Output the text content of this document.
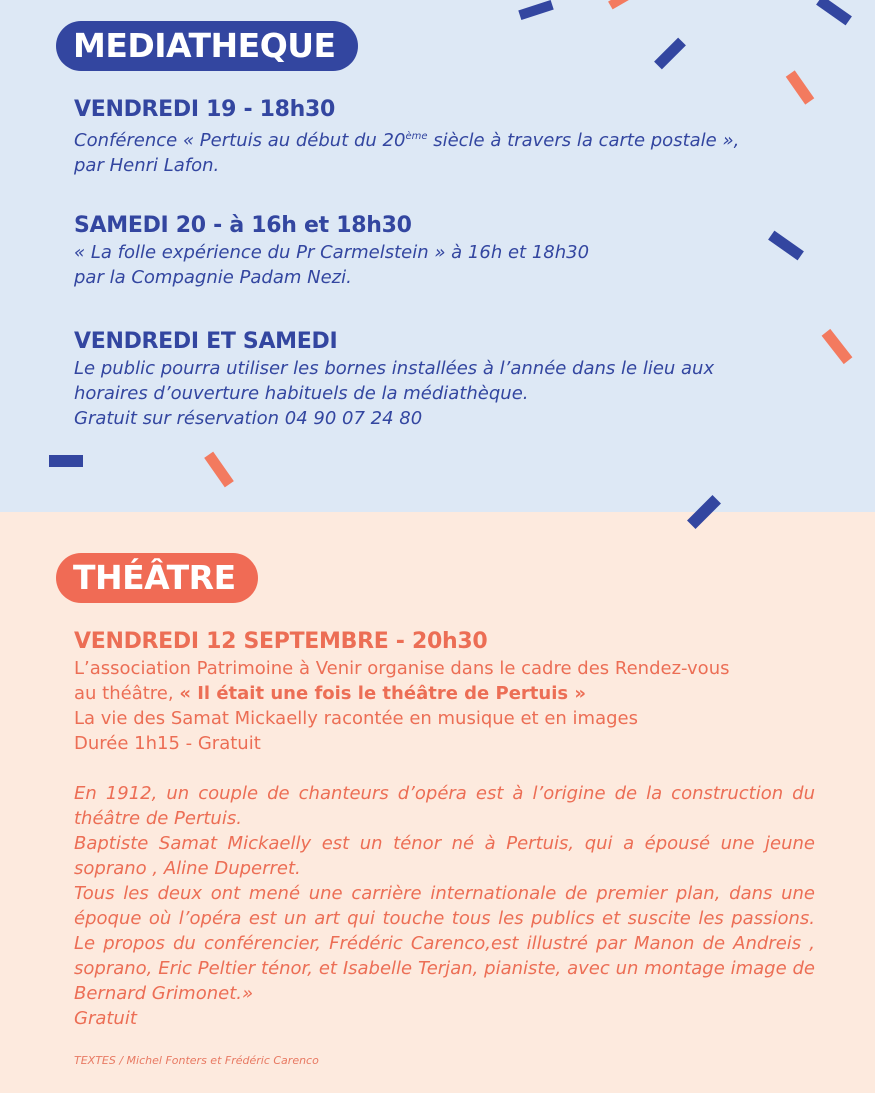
MEDIATHEQUE
VENDREDI 19 - 18h30
Conférence « Pertuis au début du 20ème siècle à travers la carte postale »,
par Henri Lafon.
SAMEDI 20 - à 16h et 18h30
« La folle expérience du Pr Carmelstein » à 16h et 18h30
par la Compagnie Padam Nezi.
VENDREDI ET SAMEDI
Le public pourra utiliser les bornes installées à l’année dans le lieu aux
horaires d’ouverture habituels de la médiathèque.
Gratuit sur réservation 04 90 07 24 80
THÉÂTRE
VENDREDI 12 SEPTEMBRE - 20h30
L’association Patrimoine à Venir organise dans le cadre des Rendez-vous
au théâtre, « Il était une fois le théâtre de Pertuis »
La vie des Samat Mickaelly racontée en musique et en images
Durée 1h15 - Gratuit
En 1912, un couple de chanteurs d’opéra est à l’origine de la construction du théâtre de Pertuis.
Baptiste Samat Mickaelly est un ténor né à Pertuis, qui a épousé une jeune soprano , Aline Duperret.
Tous les deux ont mené une carrière internationale de premier plan, dans une époque où l’opéra est un art qui touche tous les publics et suscite les passions. Le propos du conférencier, Frédéric Carenco,est illustré par Manon de Andreis , soprano, Eric Peltier ténor, et Isabelle Terjan, pianiste, avec un montage image de Bernard Grimonet.»
Gratuit
TEXTES / Michel Fonters et Frédéric Carenco
